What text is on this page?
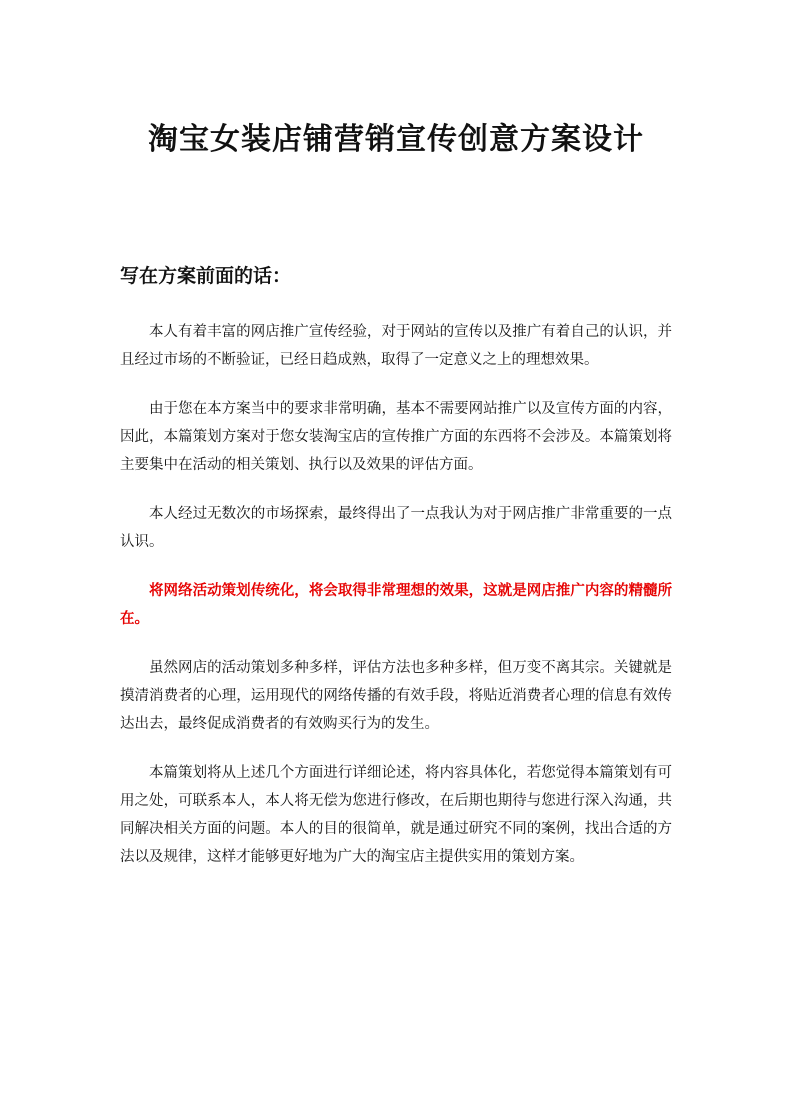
淘宝女装店铺营销宣传创意方案设计
写在方案前面的话：

本人有着丰富的网店推广宣传经验，对于网站的宣传以及推广有着自己的认识，并且经过市场的不断验证，已经日趋成熟，取得了一定意义之上的理想效果。

由于您在本方案当中的要求非常明确，基本不需要网站推广以及宣传方面的内容，因此，本篇策划方案对于您女装淘宝店的宣传推广方面的东西将不会涉及。本篇策划将主要集中在活动的相关策划、执行以及效果的评估方面。

本人经过无数次的市场探索，最终得出了一点我认为对于网店推广非常重要的一点认识。

将网络活动策划传统化，将会取得非常理想的效果，这就是网店推广内容的精髓所在。

虽然网店的活动策划多种多样，评估方法也多种多样，但万变不离其宗。关键就是摸清消费者的心理，运用现代的网络传播的有效手段，将贴近消费者心理的信息有效传达出去，最终促成消费者的有效购买行为的发生。

本篇策划将从上述几个方面进行详细论述，将内容具体化，若您觉得本篇策划有可用之处，可联系本人，本人将无偿为您进行修改，在后期也期待与您进行深入沟通，共同解决相关方面的问题。本人的目的很简单，就是通过研究不同的案例，找出合适的方法以及规律，这样才能够更好地为广大的淘宝店主提供实用的策划方案。
